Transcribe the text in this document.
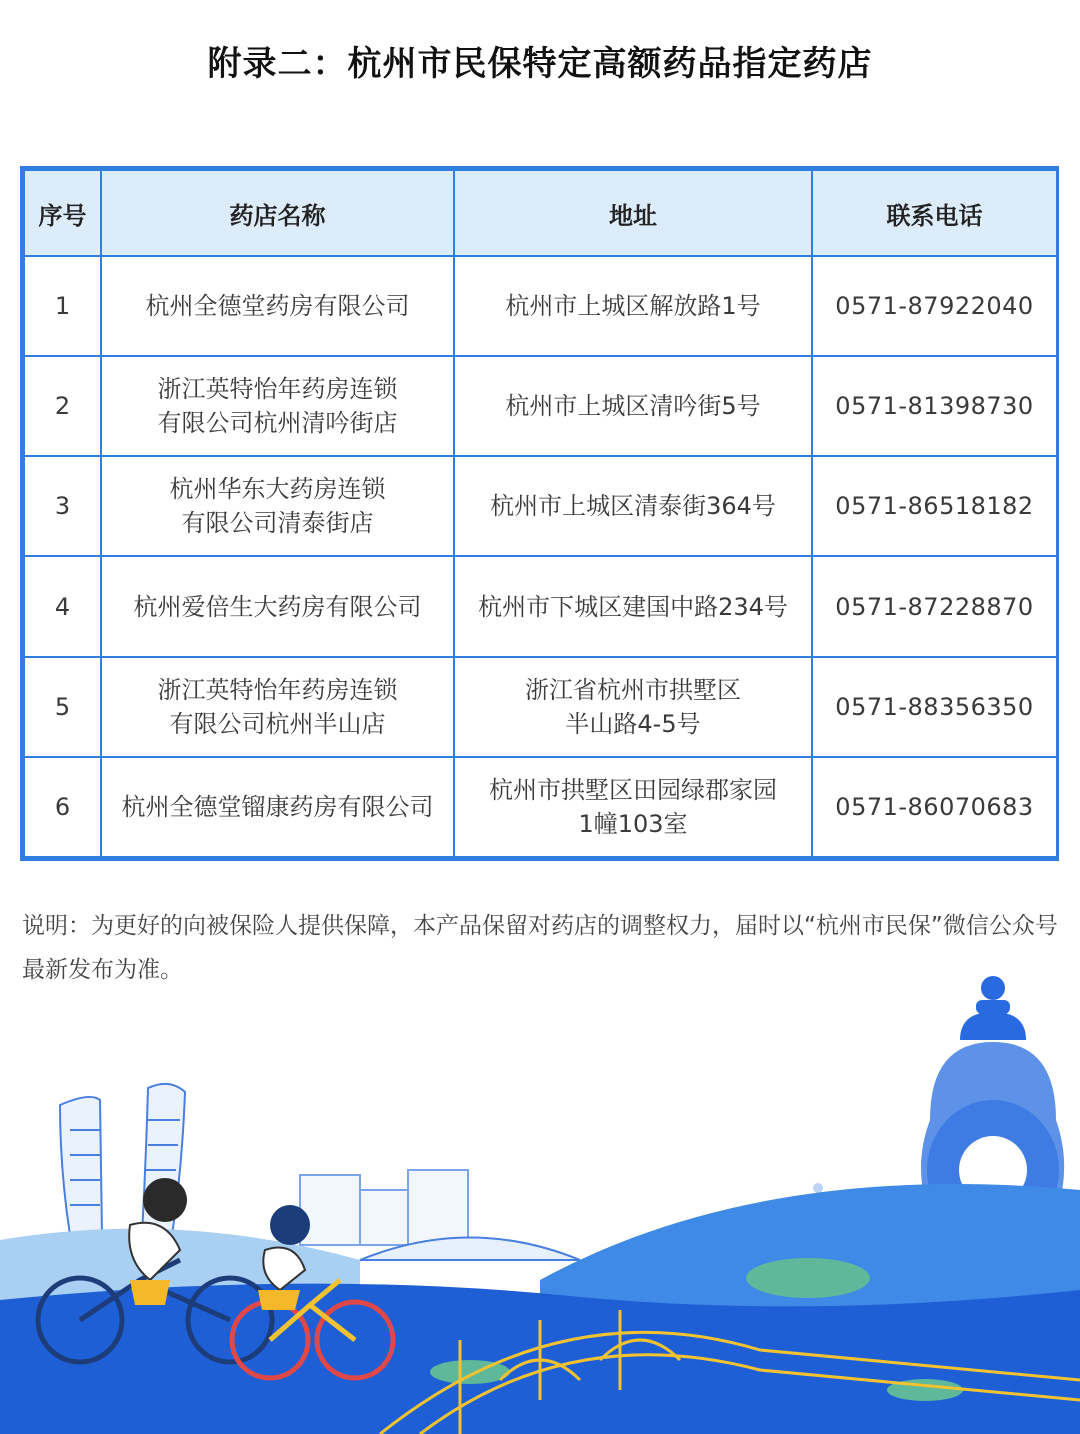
附录二：杭州市民保特定高额药品指定药店
序号	药店名称	地址	联系电话
1	杭州全德堂药房有限公司	杭州市上城区解放路1号	0571-87922040
2	浙江英特怡年药房连锁
有限公司杭州清吟街店	杭州市上城区清吟街5号	0571-81398730
3	杭州华东大药房连锁
有限公司清泰街店	杭州市上城区清泰街364号	0571-86518182
4	杭州爱倍生大药房有限公司	杭州市下城区建国中路234号	0571-87228870
5	浙江英特怡年药房连锁
有限公司杭州半山店	浙江省杭州市拱墅区
半山路4-5号	0571-88356350
6	杭州全德堂镏康药房有限公司	杭州市拱墅区田园绿郡家园
1幢103室	0571-86070683
说明：为更好的向被保险人提供保障，本产品保留对药店的调整权力，届时以“杭州市民保”微信公众号最新发布为准。
